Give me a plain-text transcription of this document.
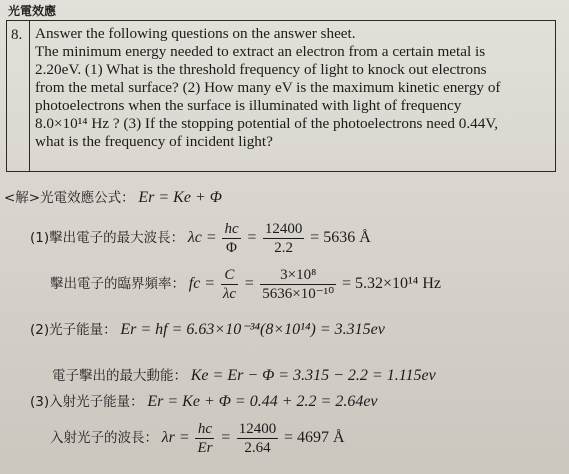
光電效應
8. Answer the following questions on the answer sheet.
The minimum energy needed to extract an electron from a certain metal is
2.20eV. (1) What is the threshold frequency of light to knock out electrons
from the metal surface? (2) How many eV is the maximum kinetic energy of
photoelectrons when the surface is illuminated with light of frequency
8.0×10¹⁴ Hz ? (3) If the stopping potential of the photoelectrons need 0.44V,
what is the frequency of incident light?
<解>光電效應公式： Er = Ke + Φ
(1)擊出電子的最大波長： $\lambda c = \frac{hc}{\Phi} = \frac{12400}{2.2} = 5636$ Å
擊出電子的臨界頻率： fc = $\frac{C}{\lambda c} = \frac{\text{3×10⁸}}{\text{5636×10⁻¹⁰}} = 5.32\times 10^{14}$ Hz
(2)光子能量： Er = hf = 6.63×10⁻³⁴(8×10¹⁴) = 3.315ev
電子擊出的最大動能： Ke = Er − Φ = 3.315 − 2.2 = 1.115ev
(3)入射光子能量： Er = Ke + Φ = 0.44 + 2.2 = 2.64ev
入射光子的波長： $\lambda r = \frac{hc}{Er} = \frac{12400}{2.64} = 4697$ Å
